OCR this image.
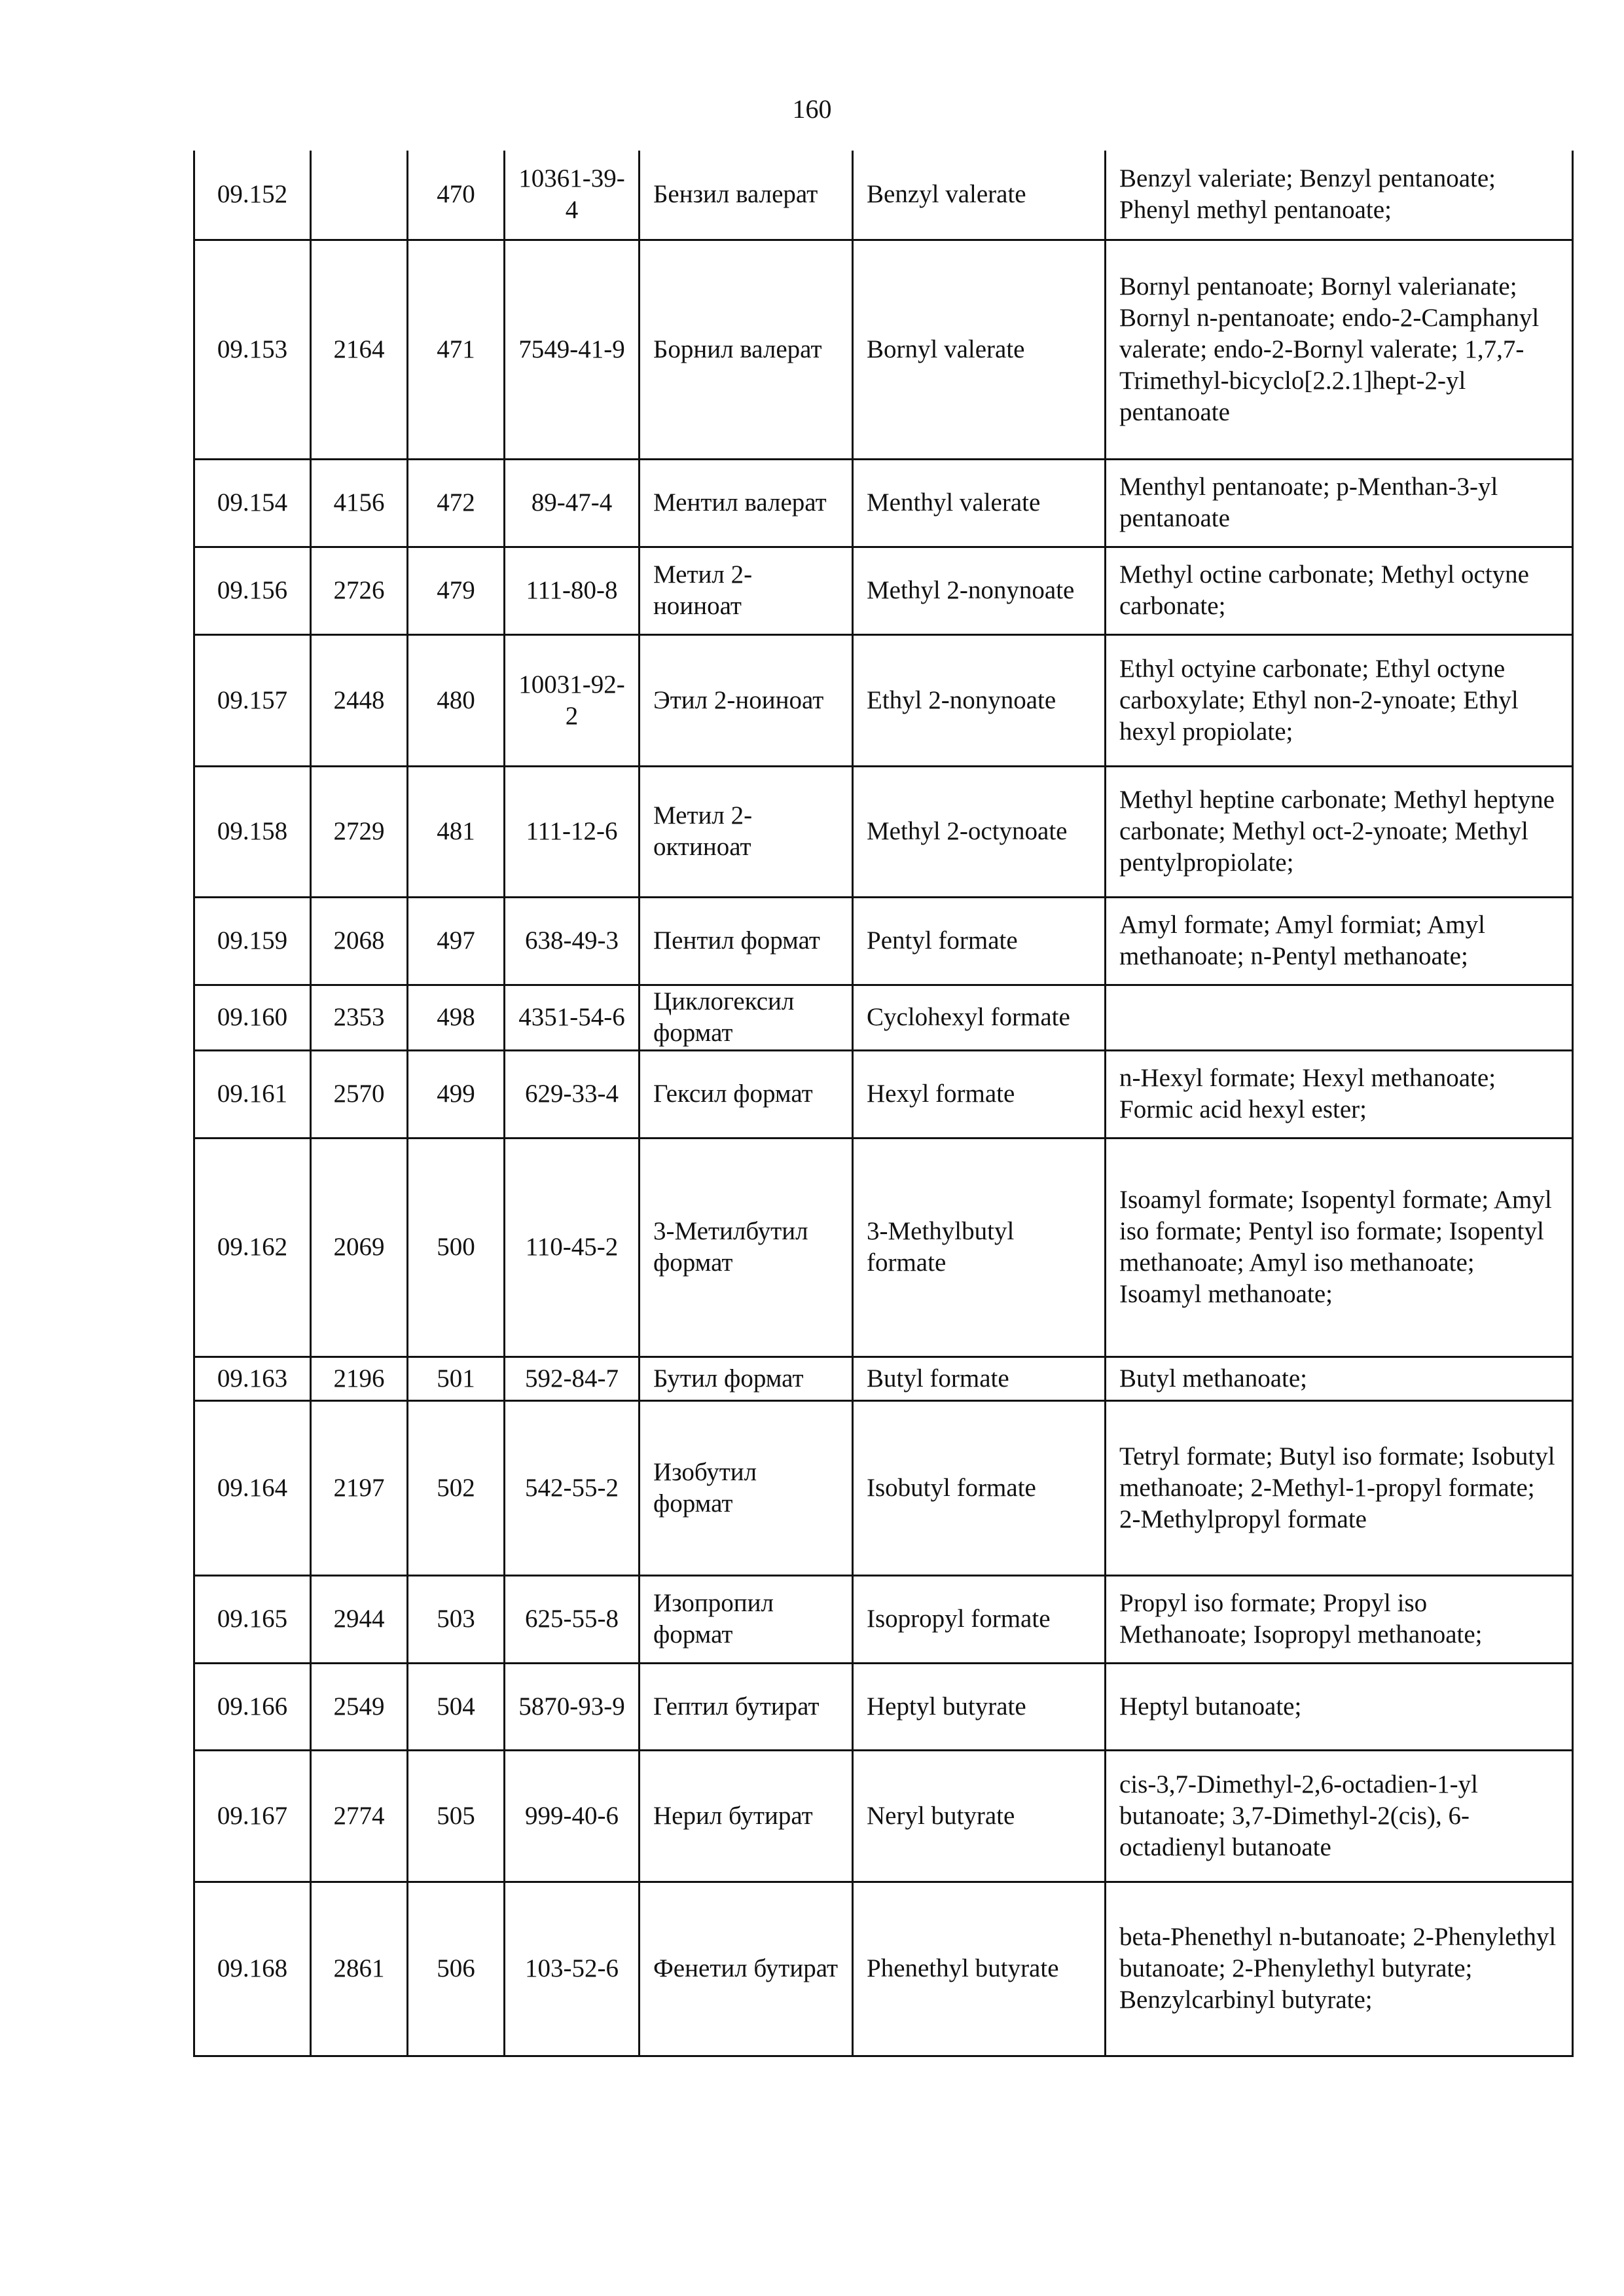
160
09.152		470	10361-39-4	Бензил валерат	Benzyl valerate	Benzyl valeriate; Benzyl pentanoate; Phenyl methyl pentanoate;
09.153	2164	471	7549-41-9	Борнил валерат	Bornyl valerate	Bornyl pentanoate; Bornyl valerianate; Bornyl n-pentanoate; endo-2-Camphanyl valerate; endo-2-Bornyl valerate; 1,7,7-Trimethyl-bicyclo[2.2.1]hept-2-yl pentanoate
09.154	4156	472	89-47-4	Ментил валерат	Menthyl valerate	Menthyl pentanoate; p-Menthan-3-yl pentanoate
09.156	2726	479	111-80-8	Метил 2-ноиноат	Methyl 2-nonynoate	Methyl octine carbonate; Methyl octyne carbonate;
09.157	2448	480	10031-92-2	Этил 2-ноиноат	Ethyl 2-nonynoate	Ethyl octyine carbonate; Ethyl octyne carboxylate; Ethyl non-2-ynoate; Ethyl hexyl propiolate;
09.158	2729	481	111-12-6	Метил 2-октиноат	Methyl 2-octynoate	Methyl heptine carbonate; Methyl heptyne carbonate; Methyl oct-2-ynoate; Methyl pentylpropiolate;
09.159	2068	497	638-49-3	Пентил формат	Pentyl formate	Amyl formate; Amyl formiat; Amyl methanoate; n-Pentyl methanoate;
09.160	2353	498	4351-54-6	Циклогексил формат	Cyclohexyl formate	
09.161	2570	499	629-33-4	Гексил формат	Hexyl formate	n-Hexyl formate; Hexyl methanoate; Formic acid hexyl ester;
09.162	2069	500	110-45-2	3-Метилбутил формат	3-Methylbutyl formate	Isoamyl formate; Isopentyl formate; Amyl iso formate; Pentyl iso formate; Isopentyl methanoate; Amyl iso methanoate; Isoamyl methanoate;
09.163	2196	501	592-84-7	Бутил формат	Butyl formate	Butyl methanoate;
09.164	2197	502	542-55-2	Изобутил формат	Isobutyl formate	Tetryl formate; Butyl iso formate; Isobutyl methanoate; 2-Methyl-1-propyl formate; 2-Methylpropyl formate
09.165	2944	503	625-55-8	Изопропил формат	Isopropyl formate	Propyl iso formate; Propyl iso Methanoate; Isopropyl methanoate;
09.166	2549	504	5870-93-9	Гептил бутират	Heptyl butyrate	Heptyl butanoate;
09.167	2774	505	999-40-6	Нерил бутират	Neryl butyrate	cis-3,7-Dimethyl-2,6-octadien-1-yl butanoate; 3,7-Dimethyl-2(cis), 6-octadienyl butanoate
09.168	2861	506	103-52-6	Фенетил бутират	Phenethyl butyrate	beta-Phenethyl n-butanoate; 2-Phenylethyl butanoate; 2-Phenylethyl butyrate; Benzylcarbinyl butyrate;
